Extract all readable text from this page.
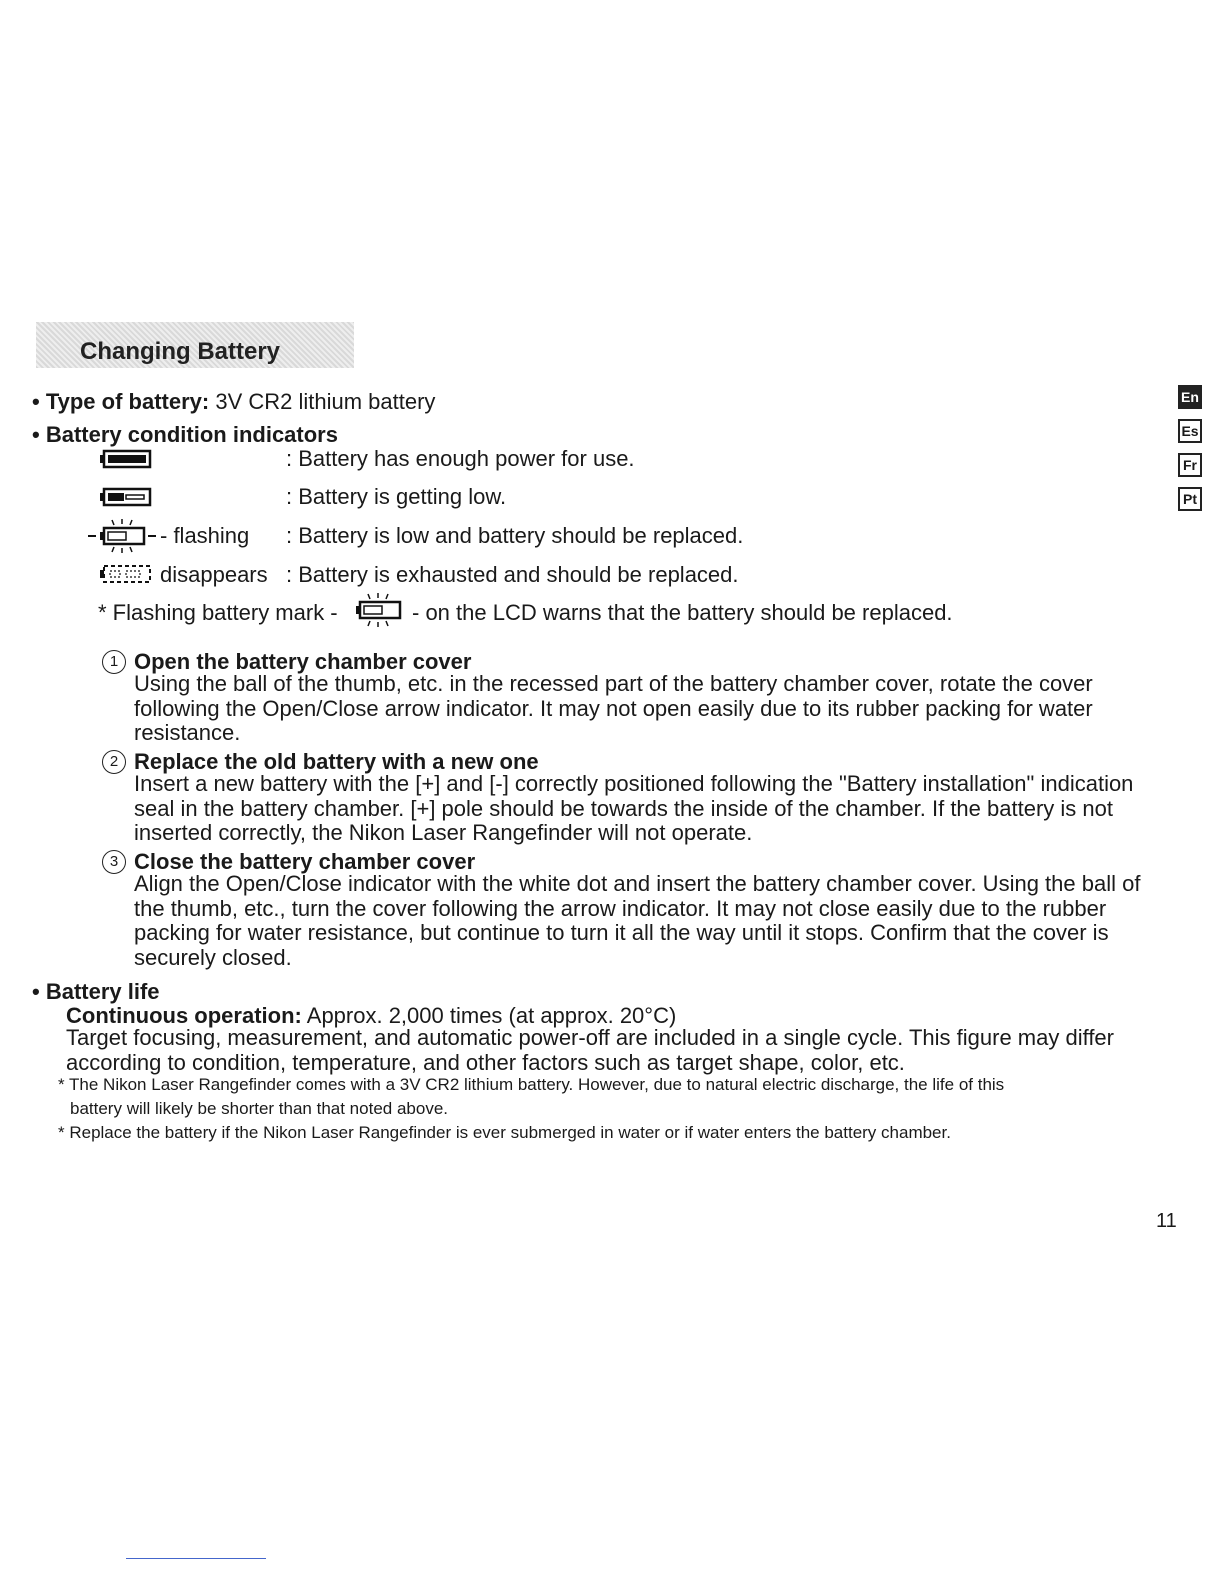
Changing Battery
• Type of battery: 3V CR2 lithium battery
• Battery condition indicators
: Battery has enough power for use.
: Battery is getting low.
- flashing : Battery is low and battery should be replaced.
disappears : Battery is exhausted and should be replaced.
* Flashing battery mark -	- on the LCD warns that the battery should be replaced.
1 Open the battery chamber cover
Using the ball of the thumb, etc. in the recessed part of the battery chamber cover, rotate the cover following the Open/Close arrow indicator. It may not open easily due to its rubber packing for water resistance.
2 Replace the old battery with a new one
Insert a new battery with the [+] and [-] correctly positioned following the "Battery installation" indication seal in the battery chamber. [+] pole should be towards the inside of the chamber. If the battery is not inserted correctly, the Nikon Laser Rangefinder will not operate.
3 Close the battery chamber cover
Align the Open/Close indicator with the white dot and insert the battery chamber cover. Using the ball of the thumb, etc., turn the cover following the arrow indicator. It may not close easily due to the rubber packing for water resistance, but continue to turn it all the way until it stops. Confirm that the cover is securely closed.
• Battery life
Continuous operation: Approx. 2,000 times (at approx. 20°C)
Target focusing, measurement, and automatic power-off are included in a single cycle. This figure may differ according to condition, temperature, and other factors such as target shape, color, etc.
* The Nikon Laser Rangefinder comes with a 3V CR2 lithium battery. However, due to natural electric discharge, the life of this
battery will likely be shorter than that noted above.
* Replace the battery if the Nikon Laser Rangefinder is ever submerged in water or if water enters the battery chamber.
En
Es
Fr
Pt
11
